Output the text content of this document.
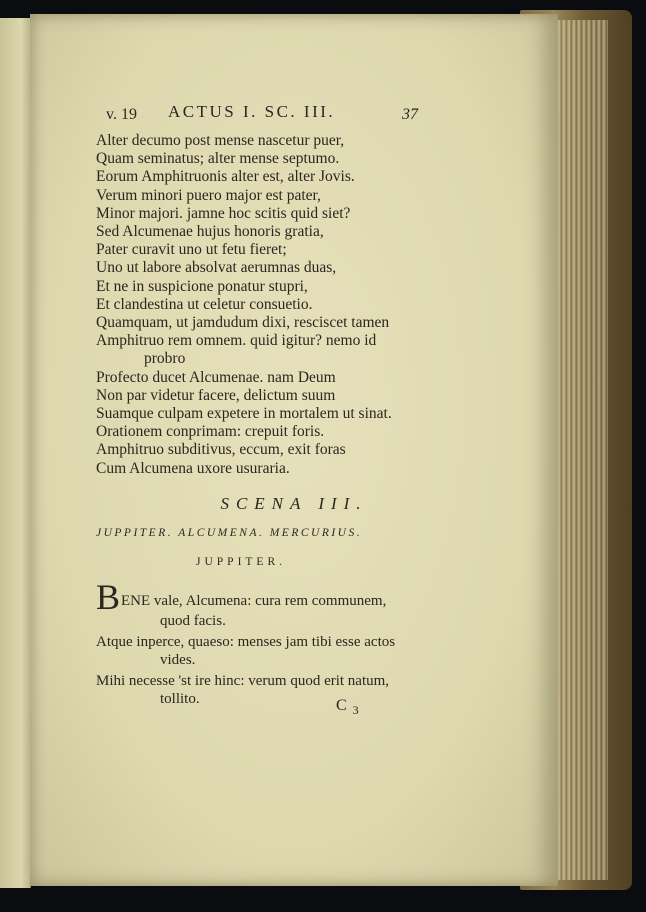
v. 19 ACTUS I. SC. III.	37
Alter decumo post mense nascetur puer,
Quam seminatus; alter mense septumo.
Eorum Amphitruonis alter est, alter Jovis.
Verum minori puero major est pater,
Minor majori. jamne hoc scitis quid siet?
Sed Alcumenae hujus honoris gratia,
Pater curavit uno ut fetu fieret;
Uno ut labore absolvat aerumnas duas,
Et ne in suspicione ponatur stupri,
Et clandestina ut celetur consuetio.
Quamquam, ut jamdudum dixi, resciscet tamen
Amphitruo rem omnem. quid igitur? nemo id
probro
Profecto ducet Alcumenae. nam Deum
Non par videtur facere, delictum suum
Suamque culpam expetere in mortalem ut sinat.
Orationem conprimam: crepuit foris.
Amphitruo subditivus, eccum, exit foras
Cum Alcumena uxore usuraria.
SCENA III.
JUPPITER. ALCUMENA. MERCURIUS.
JUPPITER.
BENE vale, Alcumena: cura rem communem,
quod facis.
Atque inperce, quaeso: menses jam tibi esse actos
vides.
Mihi necesse 'st ire hinc: verum quod erit natum,
tollito.	C $_3$
